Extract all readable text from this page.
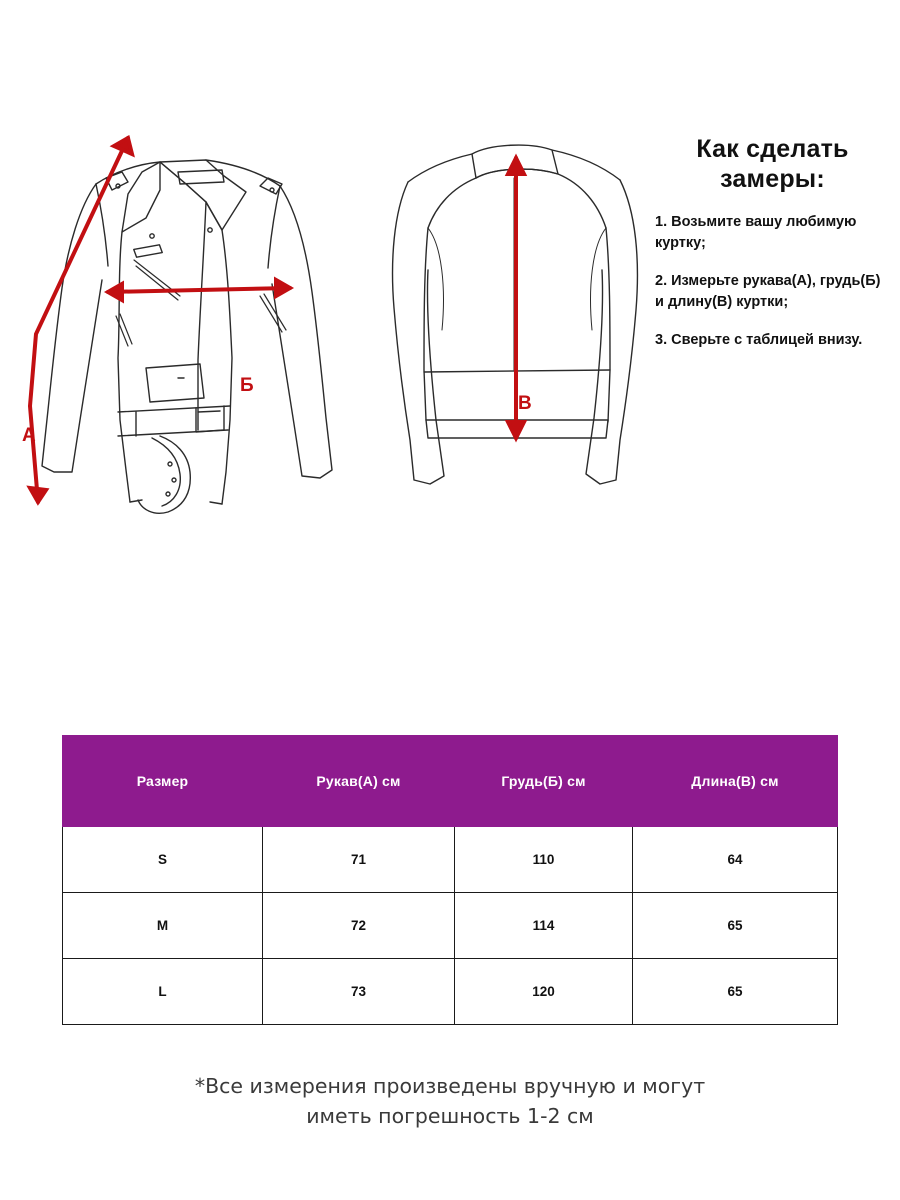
А
Б
В
Как сделать замеры:

1. Возьмите вашу любимую куртку;

2. Измерьте рукава(А), грудь(Б) и длину(В) куртки;

3. Сверьте с таблицей внизу.

Размер	Рукав(А) см	Грудь(Б) см	Длина(В) см
S	71	110	64
M	72	114	65
L	73	120	65
*Все измерения произведены вручную и могут
иметь погрешность 1-2 см
